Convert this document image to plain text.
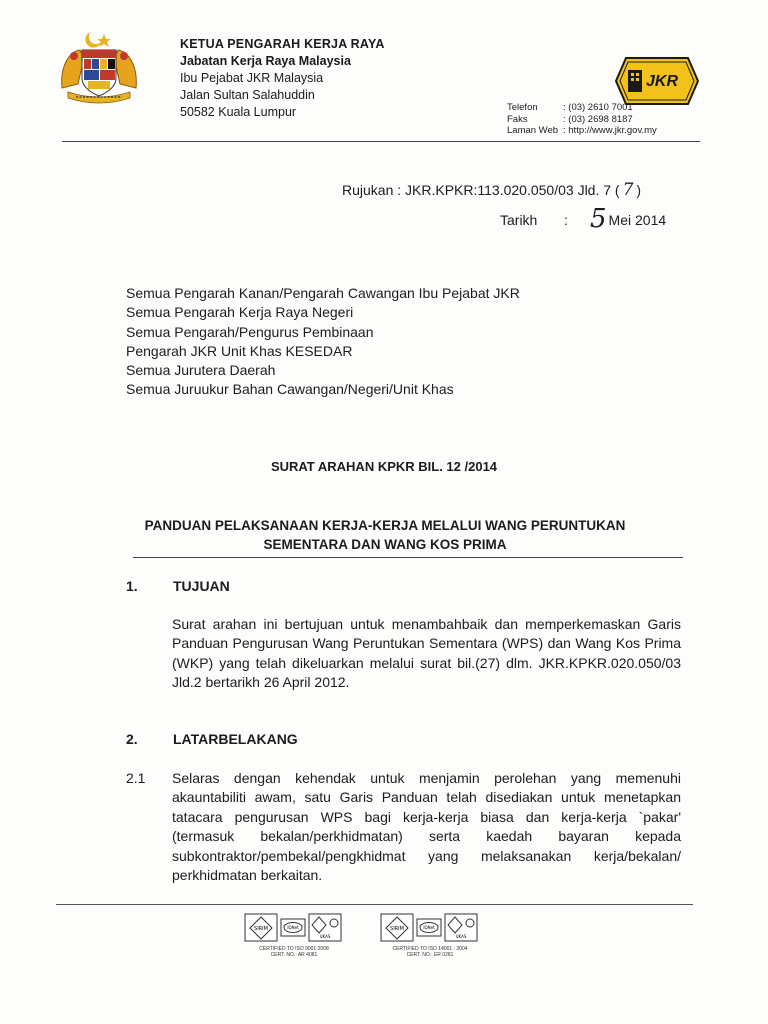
KETUA PENGARAH KERJA RAYA
Jabatan Kerja Raya Malaysia
Ibu Pejabat JKR Malaysia
Jalan Sultan Salahuddin
50582 Kuala Lumpur
JKR
Telefon	: (03) 2610 7001
Faks	: (03) 2698 8187
Laman Web : http://www.jkr.gov.my
Rujukan : JKR.KPKR:113.020.050/03 Jld. 7 ( 7 )
Tarikh	: 5 Mei 2014
Semua Pengarah Kanan/Pengarah Cawangan Ibu Pejabat JKR
Semua Pengarah Kerja Raya Negeri
Semua Pengarah/Pengurus Pembinaan
Pengarah JKR Unit Khas KESEDAR
Semua Jurutera Daerah
Semua Juruukur Bahan Cawangan/Negeri/Unit Khas
SURAT ARAHAN KPKR BIL. 12 /2014
PANDUAN PELAKSANAAN KERJA-KERJA MELALUI WANG PERUNTUKAN
SEMENTARA DAN WANG KOS PRIMA
1.	TUJUAN
Surat arahan ini bertujuan untuk menambahbaik dan memperkemaskan Garis Panduan Pengurusan Wang Peruntukan Sementara (WPS) dan Wang Kos Prima (WKP) yang telah dikeluarkan melalui surat bil.(27) dlm. JKR.KPKR.020.050/03 Jld.2 bertarikh 26 April 2012.
2.	LATARBELAKANG
2.1 Selaras dengan kehendak untuk menjamin perolehan yang memenuhi akauntabiliti awam, satu Garis Panduan telah disediakan untuk menetapkan tatacara pengurusan WPS bagi kerja-kerja biasa dan kerja-kerja `pakar' (termasuk bekalan/perkhidmatan) serta kaedah bayaran kepada subkontraktor/pembekal/pengkhidmat yang melaksanakan kerja/bekalan/ perkhidmatan berkaitan.
SIRIM	IQNet
UKAS
SIRIM	IQNet
UKAS
CERTIFIED TO ISO 9001:2008
CERT. NO.: AR 4081
CERTIFIED TO ISO 14001 : 2004
CERT. NO.: ER 0281
